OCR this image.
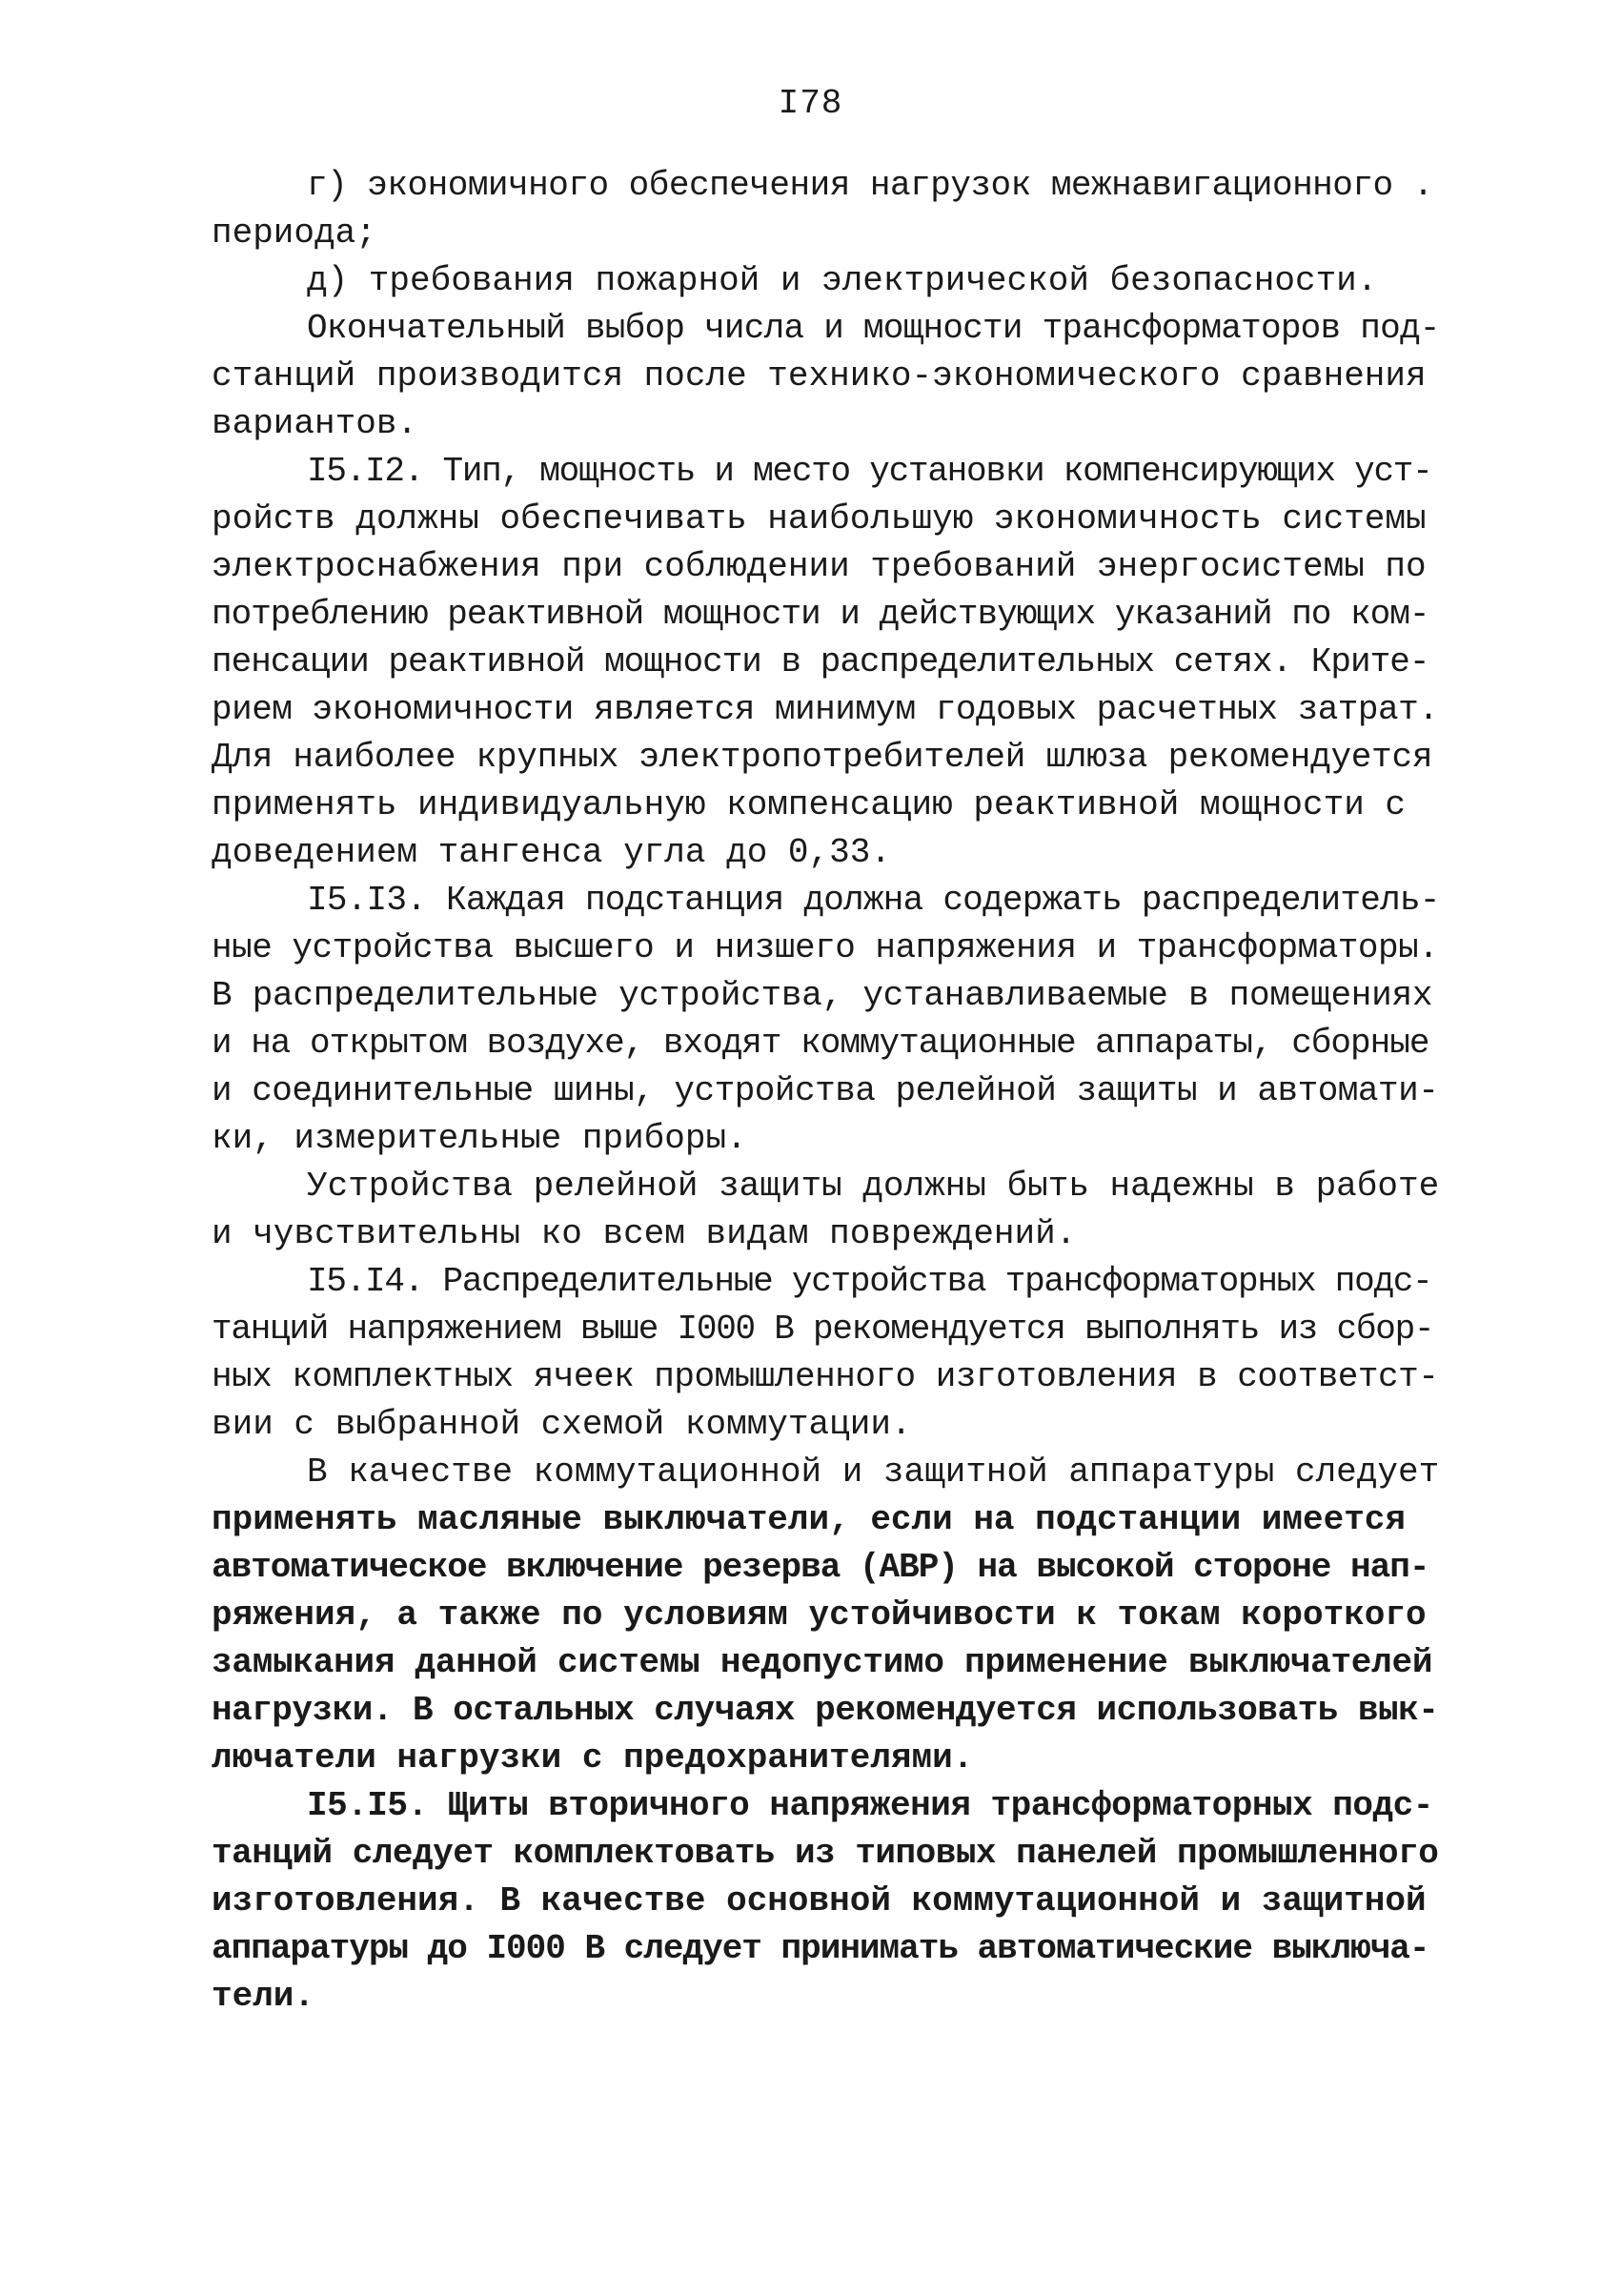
I78
г) экономичного обеспечения нагрузок межнавигационного .
периода;
д) требования пожарной и электрической безопасности.
Окончательный выбор числа и мощности трансформаторов под-
станций производится после технико-экономического сравнения
вариантов.
I5.I2. Тип, мощность и место установки компенсирующих уст-
ройств должны обеспечивать наибольшую экономичность системы
электроснабжения при соблюдении требований энергосистемы по
потреблению реактивной мощности и действующих указаний по ком-
пенсации реактивной мощности в распределительных сетях. Крите-
рием экономичности является минимум годовых расчетных затрат.
Для наиболее крупных электропотребителей шлюза рекомендуется
применять индивидуальную компенсацию реактивной мощности с
доведением тангенса угла до 0,33.
I5.I3. Каждая подстанция должна содержать распределитель-
ные устройства высшего и низшего напряжения и трансформаторы.
В распределительные устройства, устанавливаемые в помещениях
и на открытом воздухе, входят коммутационные аппараты, сборные
и соединительные шины, устройства релейной защиты и автомати-
ки, измерительные приборы.
Устройства релейной защиты должны быть надежны в работе
и чувствительны ко всем видам повреждений.
I5.I4. Распределительные устройства трансформаторных подс-
танций напряжением выше I000 В рекомендуется выполнять из сбор-
ных комплектных ячеек промышленного изготовления в соответст-
вии с выбранной схемой коммутации.
В качестве коммутационной и защитной аппаратуры следует
применять масляные выключатели, если на подстанции имеется
автоматическое включение резерва (АВР) на высокой стороне нап-
ряжения, а также по условиям устойчивости к токам короткого
замыкания данной системы недопустимо применение выключателей
нагрузки. В остальных случаях рекомендуется использовать вык-
лючатели нагрузки с предохранителями.
I5.I5. Щиты вторичного напряжения трансформаторных подс-
танций следует комплектовать из типовых панелей промышленного
изготовления. В качестве основной коммутационной и защитной
аппаратуры до I000 В следует принимать автоматические выключа-
тели.
